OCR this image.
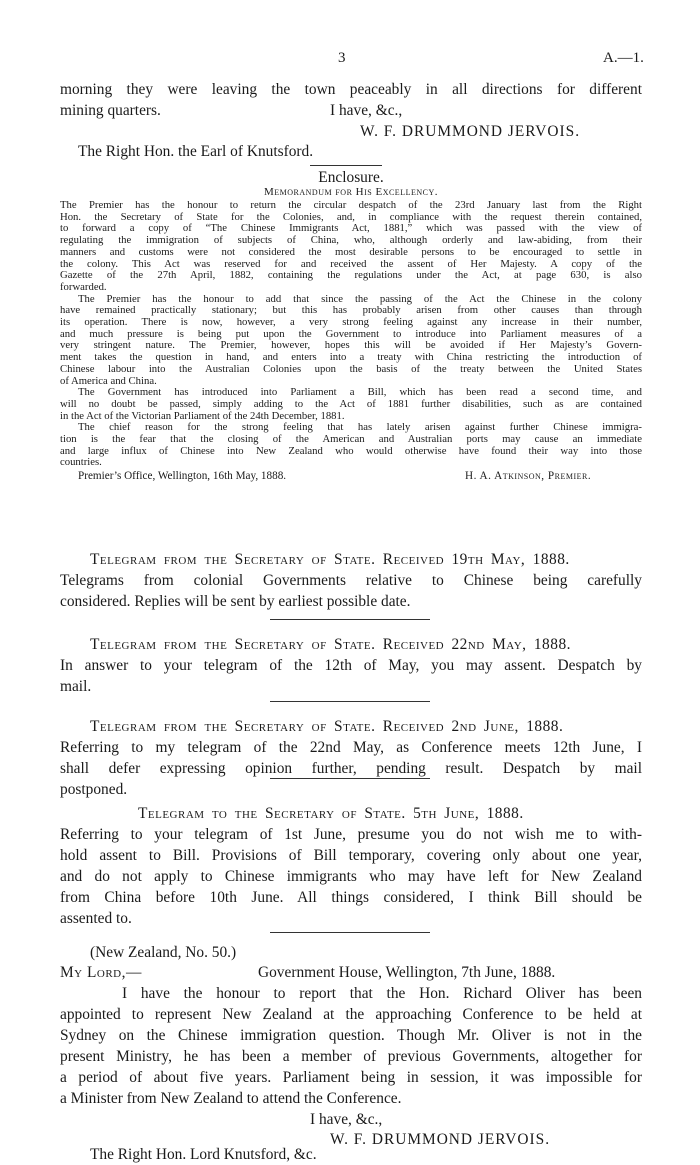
3	A.—1.
morning they were leaving the town peaceably in all directions for different
mining quarters.	I have, &c.,
W. F. DRUMMOND JERVOIS.
The Right Hon. the Earl of Knutsford.
Enclosure.
Memorandum for His Excellency.
The Premier has the honour to return the circular despatch of the 23rd January last from the Right
Hon. the Secretary of State for the Colonies, and, in compliance with the request therein contained,
to forward a copy of “The Chinese Immigrants Act, 1881,” which was passed with the view of
regulating the immigration of subjects of China, who, although orderly and law-abiding, from their
manners and customs were not considered the most desirable persons to be encouraged to settle in
the colony. This Act was reserved for and received the assent of Her Majesty. A copy of the
Gazette of the 27th April, 1882, containing the regulations under the Act, at page 630, is also
forwarded.
The Premier has the honour to add that since the passing of the Act the Chinese in the colony
have remained practically stationary; but this has probably arisen from other causes than through
its operation. There is now, however, a very strong feeling against any increase in their number,
and much pressure is being put upon the Government to introduce into Parliament measures of a
very stringent nature. The Premier, however, hopes this will be avoided if Her Majesty’s Govern-
ment takes the question in hand, and enters into a treaty with China restricting the introduction of
Chinese labour into the Australian Colonies upon the basis of the treaty between the United States
of America and China.
The Government has introduced into Parliament a Bill, which has been read a second time, and
will no doubt be passed, simply adding to the Act of 1881 further disabilities, such as are contained
in the Act of the Victorian Parliament of the 24th December, 1881.
The chief reason for the strong feeling that has lately arisen against further Chinese immigra-
tion is the fear that the closing of the American and Australian ports may cause an immediate
and large influx of Chinese into New Zealand who would otherwise have found their way into those
countries.
Premier’s Office, Wellington, 16th May, 1888.	H. A. Atkinson, Premier.
Telegram from the Secretary of State. Received 19th May, 1888.
Telegrams from colonial Governments relative to Chinese being carefully
considered. Replies will be sent by earliest possible date.
Telegram from the Secretary of State. Received 22nd May, 1888.
In answer to your telegram of the 12th of May, you may assent. Despatch by
mail.
Telegram from the Secretary of State. Received 2nd June, 1888.
Referring to my telegram of the 22nd May, as Conference meets 12th June, I
shall defer expressing opinion further, pending result. Despatch by mail
postponed.
Telegram to the Secretary of State. 5th June, 1888.
Referring to your telegram of 1st June, presume you do not wish me to with-
hold assent to Bill. Provisions of Bill temporary, covering only about one year,
and do not apply to Chinese immigrants who may have left for New Zealand
from China before 10th June. All things considered, I think Bill should be
assented to.
(New Zealand, No. 50.)
My Lord,—	Government House, Wellington, 7th June, 1888.
I have the honour to report that the Hon. Richard Oliver has been
appointed to represent New Zealand at the approaching Conference to be held at
Sydney on the Chinese immigration question. Though Mr. Oliver is not in the
present Ministry, he has been a member of previous Governments, altogether for
a period of about five years. Parliament being in session, it was impossible for
a Minister from New Zealand to attend the Conference.
I have, &c.,
W. F. DRUMMOND JERVOIS.
The Right Hon. Lord Knutsford, &c.
